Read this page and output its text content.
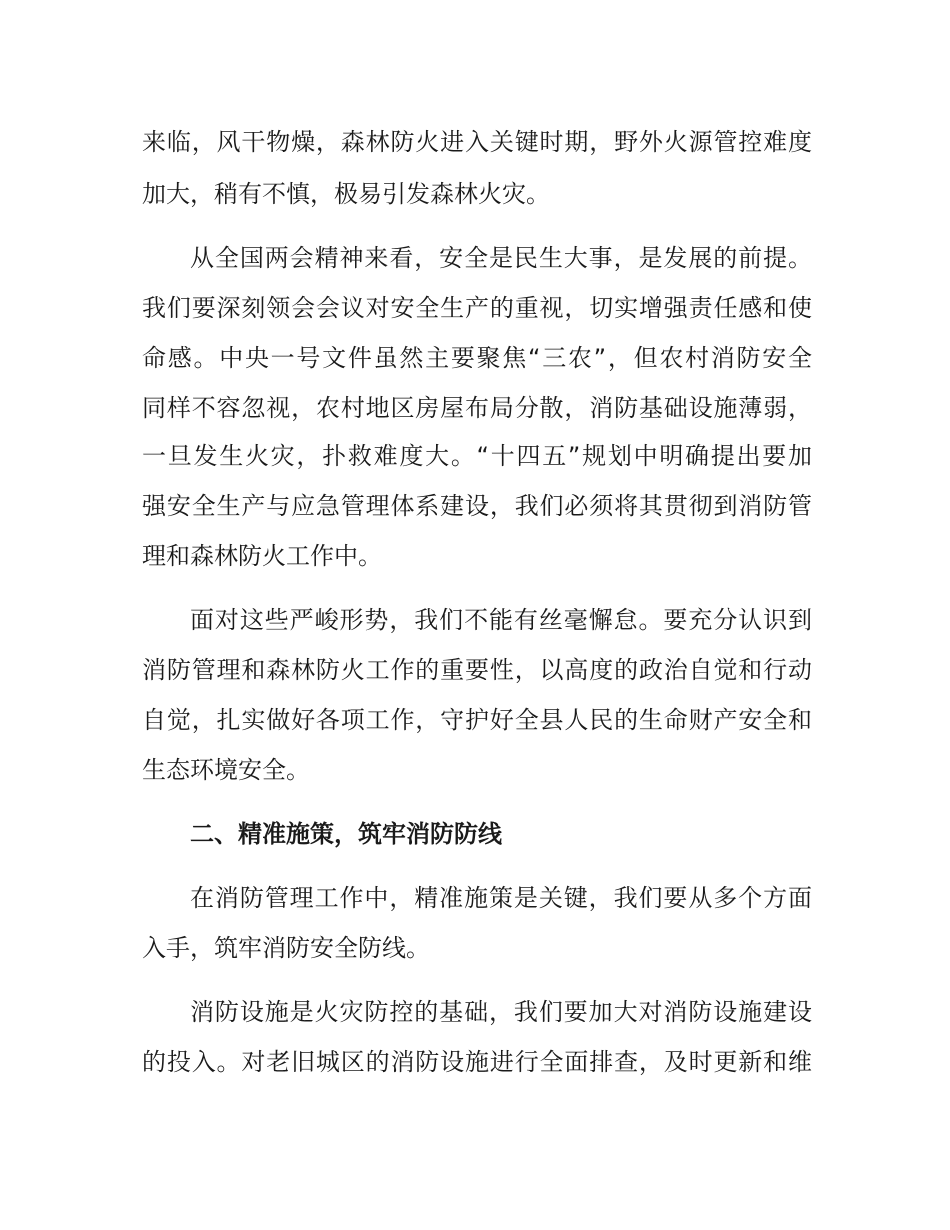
来临，风干物燥，森林防火进入关键时期，野外火源管控难度

加大，稍有不慎，极易引发森林火灾。

从全国两会精神来看，安全是民生大事，是发展的前提。

我们要深刻领会会议对安全生产的重视，切实增强责任感和使

命感。中央一号文件虽然主要聚焦“三农”，但农村消防安全

同样不容忽视，农村地区房屋布局分散，消防基础设施薄弱，

一旦发生火灾，扑救难度大。“十四五”规划中明确提出要加

强安全生产与应急管理体系建设，我们必须将其贯彻到消防管

理和森林防火工作中。

面对这些严峻形势，我们不能有丝毫懈怠。要充分认识到

消防管理和森林防火工作的重要性，以高度的政治自觉和行动

自觉，扎实做好各项工作，守护好全县人民的生命财产安全和

生态环境安全。

二、精准施策，筑牢消防防线

在消防管理工作中，精准施策是关键，我们要从多个方面

入手，筑牢消防安全防线。

消防设施是火灾防控的基础，我们要加大对消防设施建设

的投入。对老旧城区的消防设施进行全面排查，及时更新和维
